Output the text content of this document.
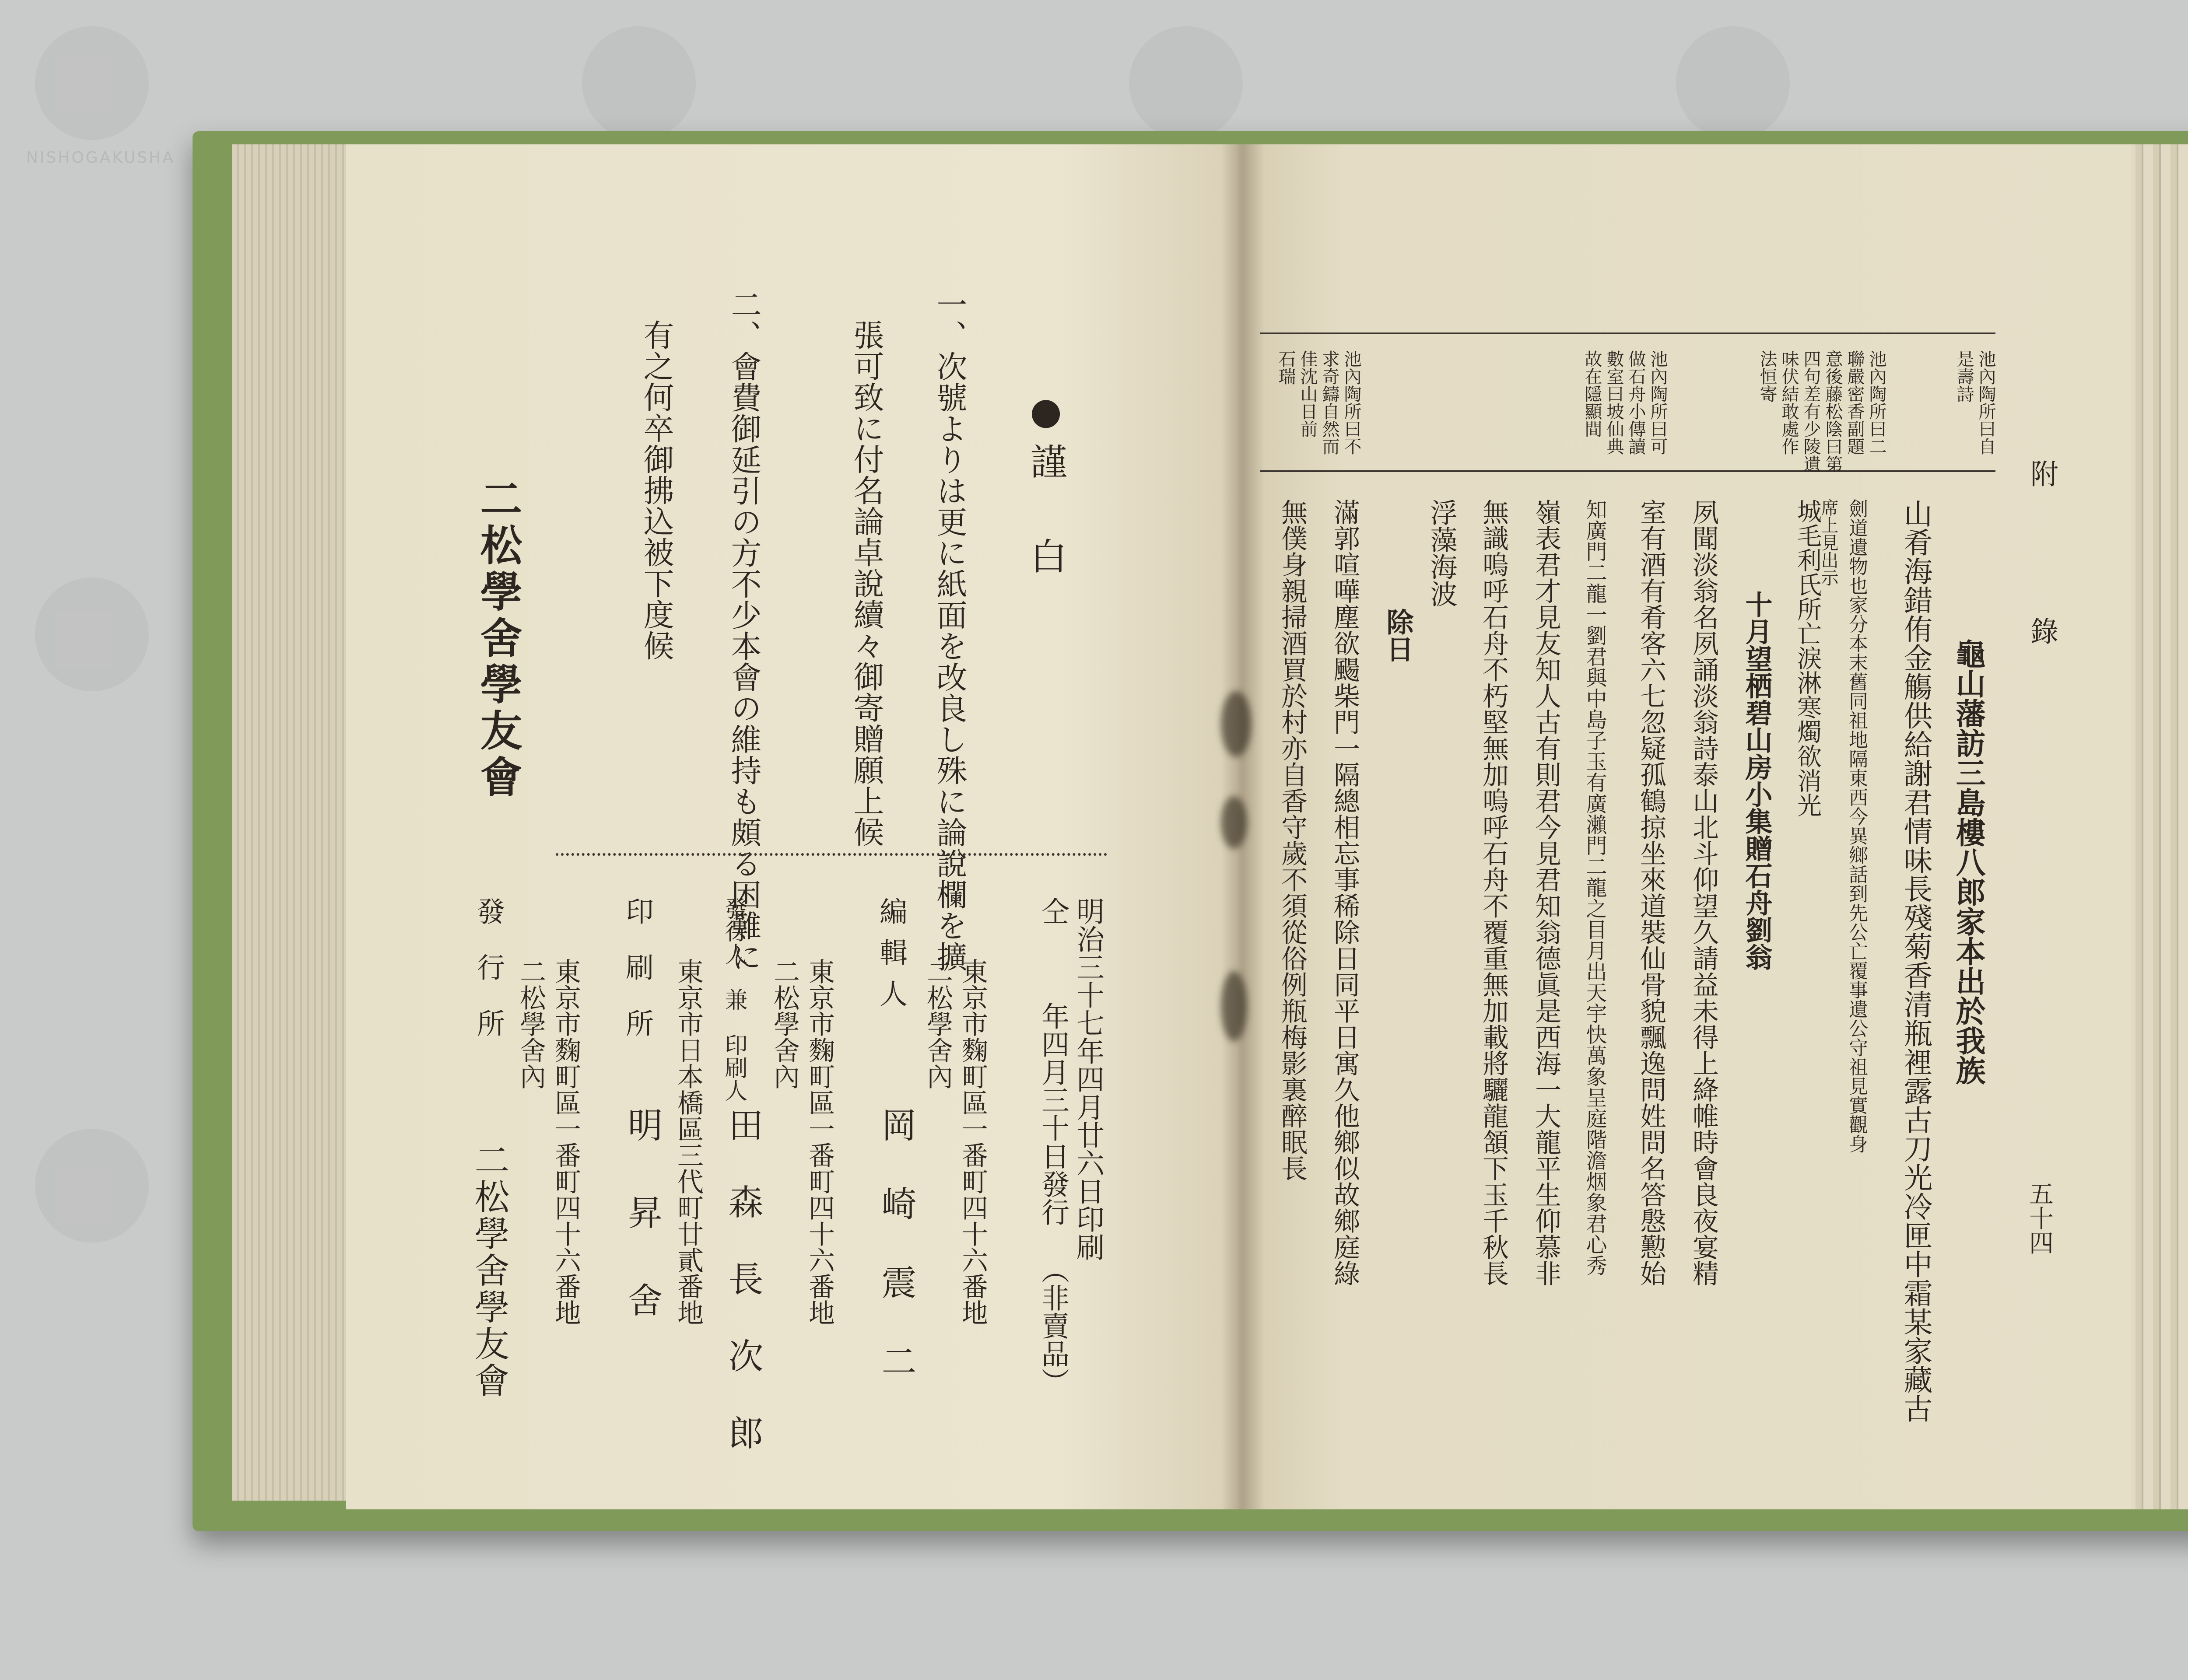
NISHOGAKUSHA
●謹　白
一、次號よりは更に紙面を改良し殊に論說欄を擴
張可致に付名論卓說續々御寄贈願上候
二、會費御延引の方不少本會の維持も頗る困難に
有之何卒御拂込被下度候
二松學舍學友會
明治三十七年四月廿六日印刷
（非賣品）
仝
年四月三十日發行
東京市麴町區一番町四十六番地
二松學舍內
編輯人
岡　崎　震　二
東京市麴町區一番町四十六番地
二松學舍內
發行人　兼　印刷人
田　森　長　次　郎
東京市日本橋區三代町廿貳番地
印　刷　所
明　昇　舍
東京市麴町區一番町四十六番地
二松學舍內
發　行　所
二松學舍學友會
附
錄
五十四
池內陶所曰自
是壽詩
池內陶所曰二
聯嚴密香副題
意後藤松陰曰第
四句差有少陵遺
味伏結敢處作
法恒寄
池內陶所曰可
做石舟小傳讀
數室曰坡仙典
故在隱顯間
池內陶所曰不
求奇鑄自然而
佳沈山日前
石瑞
龜山藩訪三島樓八郎家本出於我族
山肴海錯侑金觴供給謝君情味長殘菊香清瓶裡露古刀光冷匣中霜某家藏古
劍道遺物也家分本末舊同祖地隔東西今異鄉話到先公亡覆事遺公守祖見實觀身
席上見出示
城毛利氏所亡淚淋寒燭欲消光
十月望栖碧山房小集贈石舟劉翁
夙聞淡翁名夙誦淡翁詩泰山北斗仰望久請益未得上絳帷時會良夜宴精
室有酒有肴客六七忽疑孤鶴掠坐來道裝仙骨貌飄逸問姓問名答慇懃始
知廣門二龍一劉君與中島子玉有廣瀨門二龍之目月出天宇快萬象呈庭階澹烟象君心秀
嶺表君才見友知人古有則君今見君知翁德眞是西海一大龍平生仰慕非
無識嗚呼石舟不朽堅無加嗚呼石舟不覆重無加載將驪龍頷下玉千秋長
浮藻海波
除日
滿郭喧嘩塵欲颺柴門一隔總相忘事稀除日同平日寓久他鄉似故鄉庭綠
無僕身親掃酒買於村亦自香守歲不須從俗例瓶梅影裏醉眠長
